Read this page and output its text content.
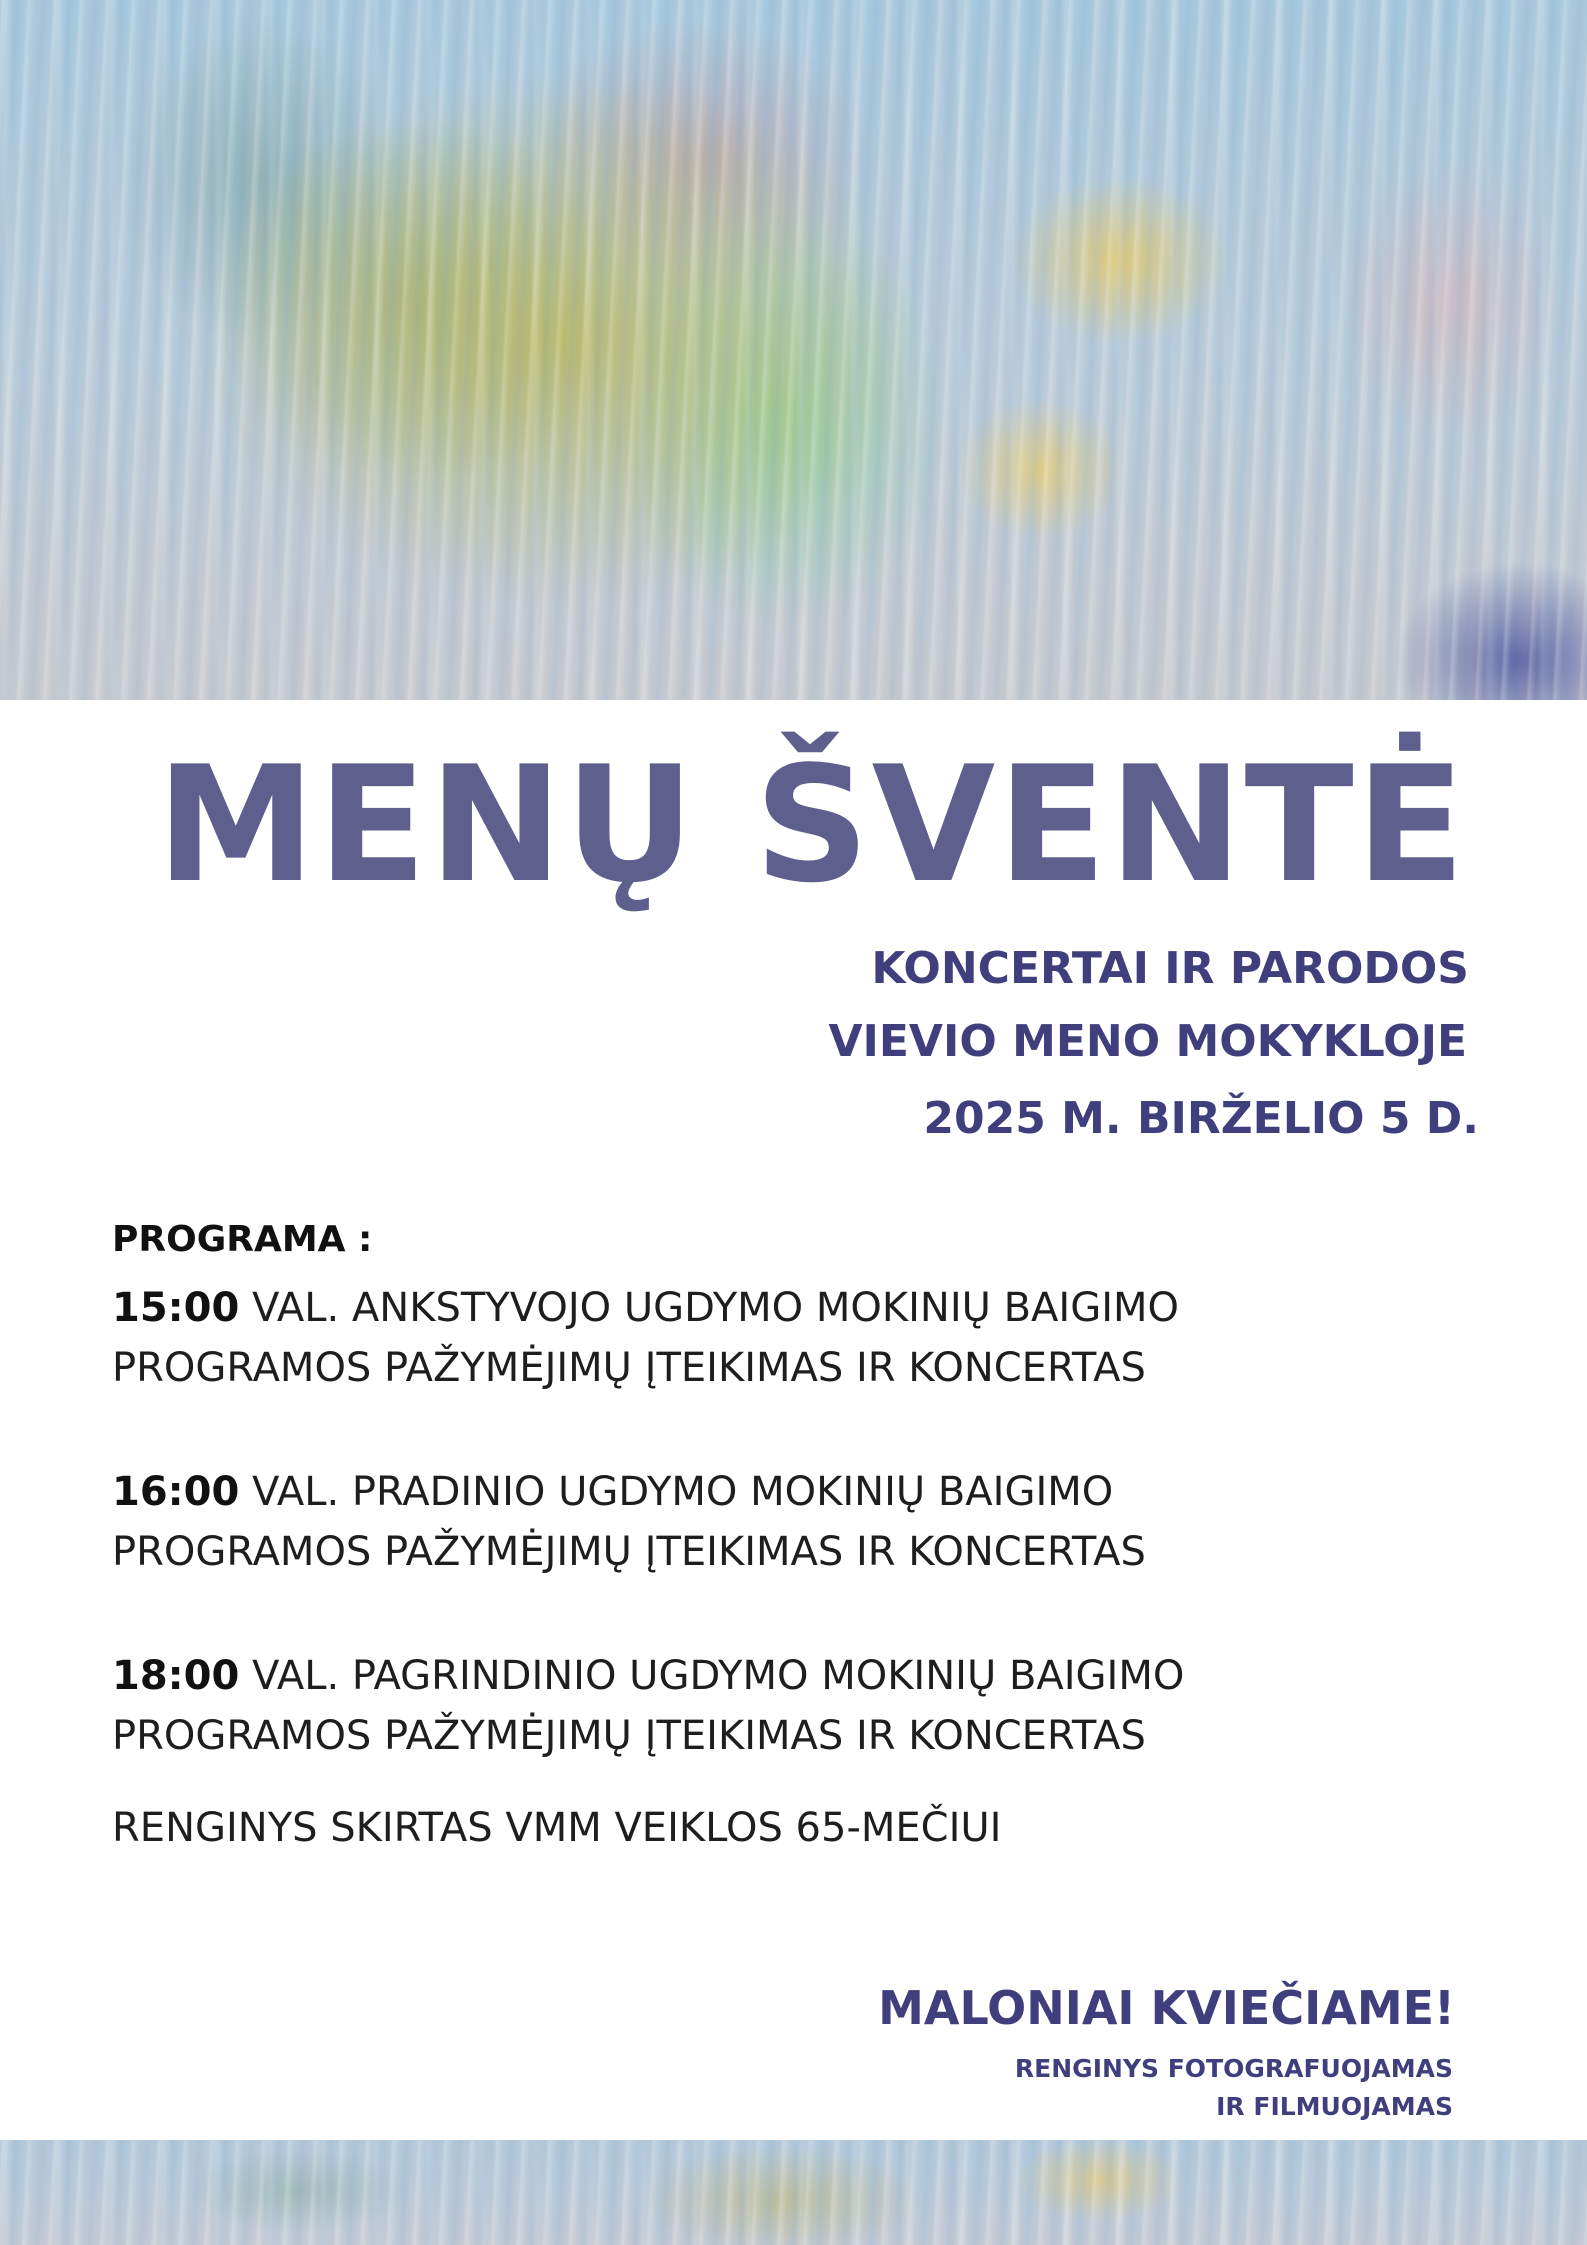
MENŲ ŠVENTĖ

KONCERTAI IR PARODOS

VIEVIO MENO MOKYKLOJE

2025 M. BIRŽELIO 5 D.

PROGRAMA :

15:00 VAL. ANKSTYVOJO UGDYMO MOKINIŲ BAIGIMO
PROGRAMOS PAŽYMĖJIMŲ ĮTEIKIMAS IR KONCERTAS

16:00 VAL. PRADINIO UGDYMO MOKINIŲ BAIGIMO
PROGRAMOS PAŽYMĖJIMŲ ĮTEIKIMAS IR KONCERTAS

18:00 VAL. PAGRINDINIO UGDYMO MOKINIŲ BAIGIMO
PROGRAMOS PAŽYMĖJIMŲ ĮTEIKIMAS IR KONCERTAS

RENGINYS SKIRTAS VMM VEIKLOS 65-MEČIUI

MALONIAI KVIEČIAME!

RENGINYS FOTOGRAFUOJAMAS
IR FILMUOJAMAS
